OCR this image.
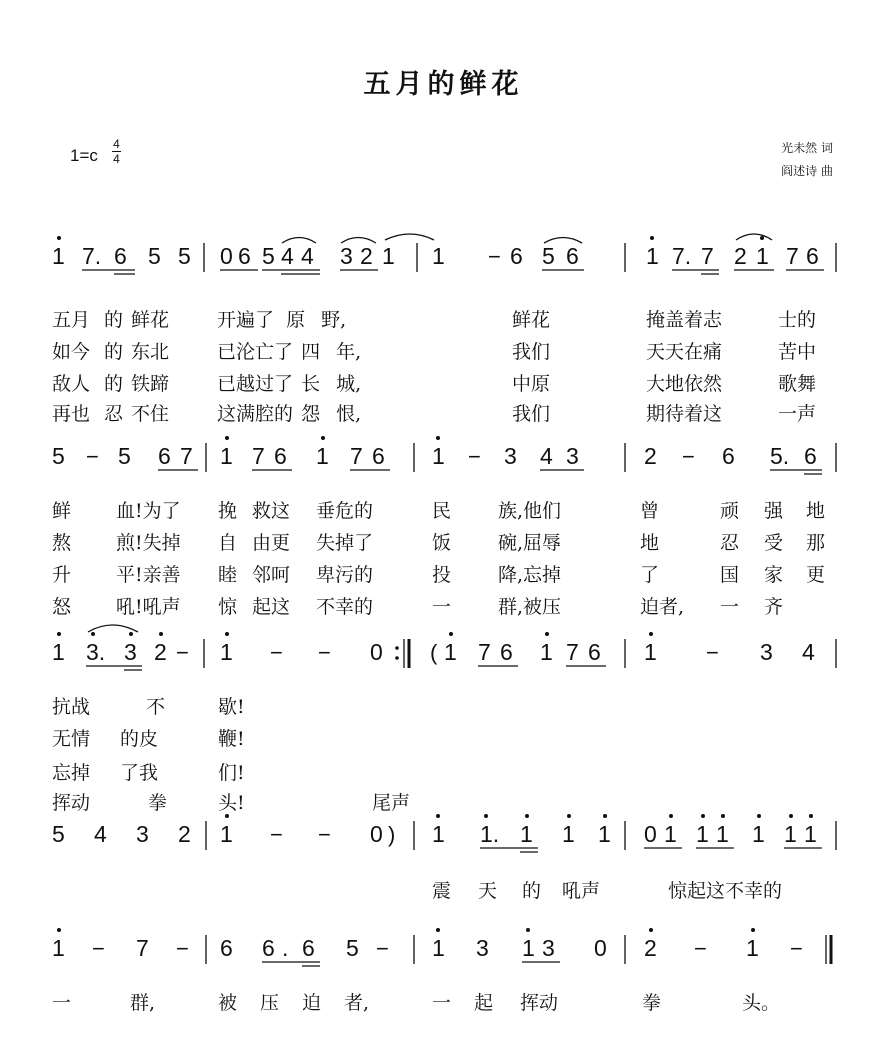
五月的鲜花
1=c
4
4
光未然 词
阎述诗 曲
1 7. 6 5 5 0 6 5 4 4 3 2 1 1 − 6 5 6	1 7. 7 2 1 7 6
5 − 5 6 7 1 7 6 1 7 6 1 − 3 4 3	2 − 6 5. 6
1 3. 3 2 − 1 − − 0 ( 1 7 6 1 7 6 1 − 3 4
5 4 3 2 1 − − 0 ) 1 1. 1 1 1 0 1 1 1 1 1 1
1 − 7 − 6 6 . 6 5 − 1 3 1 3 0 2 − 1 −
五月 的 鲜花	开遍了 原 野,	鲜花	掩盖着志	士的
如今 的 东北	已沦亡了 四 年,	我们	天天在痛	苦中
敌人 的 铁蹄	已越过了 长 城,	中原	大地依然	歌舞
再也 忍 不住	这满腔的 怨 恨,	我们	期待着这	一声
鲜 血!为了 挽 救这 垂危的	民 族,他们	曾	顽 强 地
熬 煎!失掉 自 由更 失掉了	饭 碗,屈辱	地	忍 受 那
升 平!亲善 睦 邻呵 卑污的	投 降,忘掉	了	国 家 更
怒 吼!吼声 惊 起这 不幸的	一 群,被压	迫者, 一 齐
抗战	不	歇!
无情 的皮	鞭!
忘掉 了我	们!
挥动	拳	头!	尾声
震 天 的 吼声	惊起这不幸的
一	群,	被 压 迫 者,	一 起 挥动	拳	头。
